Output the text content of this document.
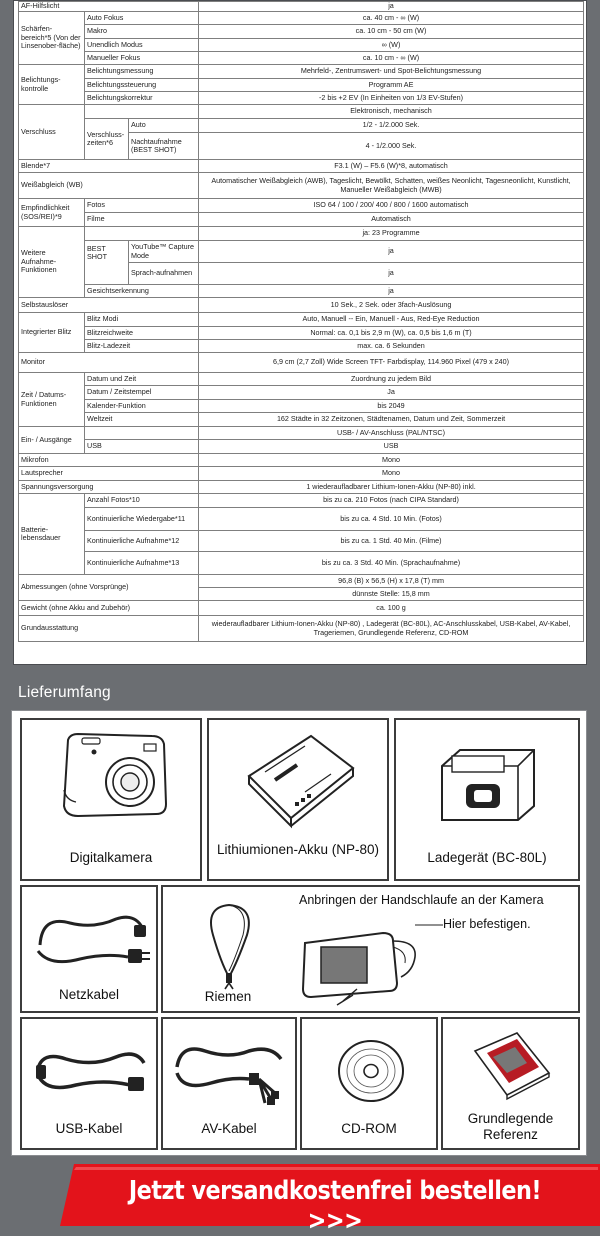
AF-Hilfslicht			ja
Schärfen-bereich*5 (Von der Linsenober-fläche)	Auto Fokus		ca. 40 cm - ∞ (W)
	Makro		ca. 10 cm - 50 cm (W)
	Unendlich Modus		∞ (W)
	Manueller Fokus		ca. 10 cm - ∞ (W)
Belichtungs-kontrolle	Belichtungsmessung		Mehrfeld-, Zentrumswert- und Spot-Belichtungsmessung
	Belichtungssteuerung		Programm AE
	Belichtungskorrektur		-2 bis +2 EV (In Einheiten von 1/3 EV-Stufen)
Verschluss			Elektronisch, mechanisch
	Verschluss-zeiten*6	Auto	1/2 - 1/2.000 Sek.
		Nachtaufnahme (BEST SHOT)	4 - 1/2.000 Sek.
Blende*7			F3.1 (W) – F5.6 (W)*8, automatisch
Weißabgleich (WB)			Automatischer Weißabgleich (AWB), Tageslicht, Bewölkt, Schatten, weißes Neonlicht, Tagesneonlicht, Kunstlicht, Manueller Weißabgleich (MWB)
Empfindlichkeit (SOS/REI)*9	Fotos		ISO 64 / 100 / 200/ 400 / 800 / 1600 automatisch
	Filme		Automatisch
Weitere Aufnahme-Funktionen			ja: 23 Programme
	BEST SHOT	YouTube™ Capture Mode	ja
		Sprach-aufnahmen	ja
	Gesichtserkennung		ja
Selbstauslöser			10 Sek., 2 Sek. oder 3fach-Auslösung
Integrierter Blitz	Blitz Modi		Auto, Manuell -- Ein, Manuell - Aus, Red-Eye Reduction
	Blitzreichweite		Normal: ca. 0,1 bis 2,9 m (W), ca. 0,5 bis 1,6 m (T)
	Blitz-Ladezeit		max. ca. 6 Sekunden
Monitor			6,9 cm (2,7 Zoll) Wide Screen TFT- Farbdisplay, 114.960 Pixel (479 x 240)
Zeit / Datums-Funktionen	Datum und Zeit		Zuordnung zu jedem Bild
	Datum / Zeitstempel		Ja
	Kalender-Funktion		bis 2049
	Weltzeit		162 Städte in 32 Zeitzonen, Städtenamen, Datum und Zeit, Sommerzeit
Ein- / Ausgänge			USB- / AV-Anschluss (PAL/NTSC)
	USB		USB
Mikrofon			Mono
Lautsprecher			Mono
Spannungsversorgung			1 wiederaufladbarer Lithium-Ionen-Akku (NP-80) inkl.
Batterie-lebensdauer	Anzahl Fotos*10		bis zu ca. 210 Fotos (nach CIPA Standard)
	Kontinuierliche Wiedergabe*11		bis zu ca. 4 Std. 10 Min. (Fotos)
	Kontinuierliche Aufnahme*12		bis zu ca. 1 Std. 40 Min. (Filme)
	Kontinuierliche Aufnahme*13		bis zu ca. 3 Std. 40 Min. (Sprachaufnahme)
Abmessungen (ohne Vorsprünge)			96,8 (B) x 56,5 (H) x 17,8 (T) mm
			dünnste Stelle: 15,8 mm
Gewicht (ohne Akku and Zubehör)			ca. 100 g
Grundausstattung			wiederaufladbarer Lithium-Ionen-Akku (NP-80) , Ladegerät (BC-80L), AC-Anschlusskabel, USB-Kabel, AV-Kabel, Trageriemen, Grundlegende Referenz, CD-ROM
Lieferumfang
Digitalkamera
Lithiumionen-Akku (NP-80)
Ladegerät (BC-80L)
Netzkabel	Riemen
Anbringen der Handschlaufe an der Kamera
Hier befestigen.
USB-Kabel	AV-Kabel	CD-ROM
Grundlegende Referenz
Jetzt versandkostenfrei bestellen! >>>
